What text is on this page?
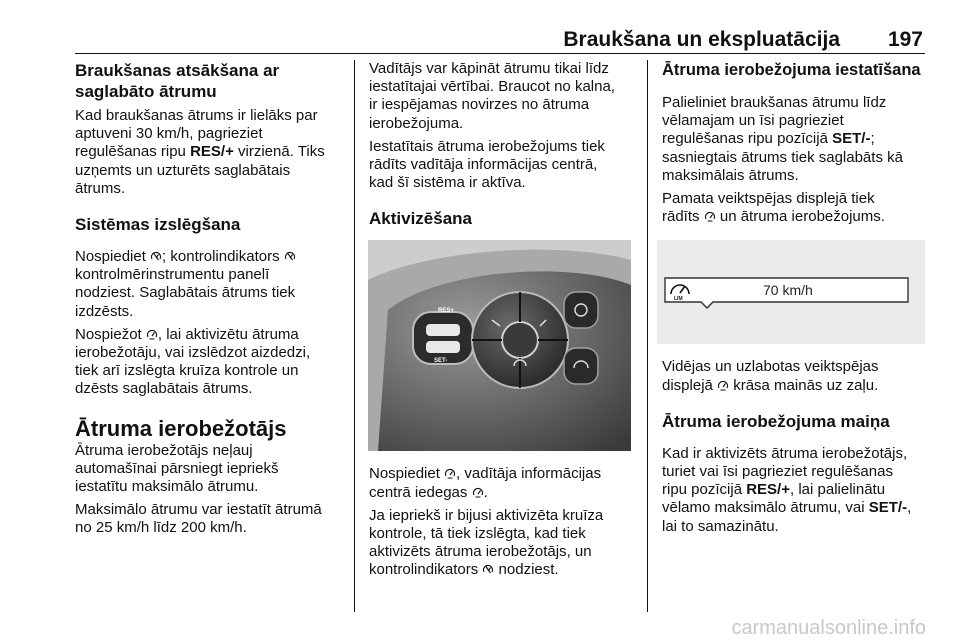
Braukšana un ekspluatācija 197
Braukšanas atsākšana ar
saglabāto ātrumu

Kad braukšanas ātrums ir lielāks par
aptuveni 30 km/h, pagrieziet
regulēšanas ripu RES/+ virzienā. Tiks
uzņemts un uzturēts saglabātais
ātrums.

Sistēmas izslēgšana

Nospiediet ; kontrolindikators
kontrolmērinstrumentu panelī
nodziest. Saglabātais ātrums tiek
izdzēsts.

Nospiežot , lai aktivizētu ātruma
ierobežotāju, vai izslēdzot aizdedzi,
tiek arī izslēgta kruīza kontrole un
dzēsts saglabātais ātrums.

Ātruma ierobežotājs

Ātruma ierobežotājs neļauj
automašīnai pārsniegt iepriekš
iestatītu maksimālo ātrumu.

Maksimālo ātrumu var iestatīt ātrumā
no 25 km/h līdz 200 km/h.

Vadītājs var kāpināt ātrumu tikai līdz
iestatītajai vērtībai. Braucot no kalna,
ir iespējamas novirzes no ātruma
ierobežojuma.

Iestatītais ātruma ierobežojums tiek
rādīts vadītāja informācijas centrā,
kad šī sistēma ir aktīva.

Aktivizēšana
RES+
SET-

Nospiediet , vadītāja informācijas
centrā iedegas .

Ja iepriekš ir bijusi aktivizēta kruīza
kontrole, tā tiek izslēgta, kad tiek
aktivizēts ātruma ierobežotājs, un
kontrolindikators  nodziest.

Ātruma ierobežojuma iestatīšana

Palieliniet braukšanas ātrumu līdz
vēlamajam un īsi pagrieziet
regulēšanas ripu pozīcijā SET/-;
sasniegtais ātrums tiek saglabāts kā
maksimālais ātrums.

Pamata veiktspējas displejā tiek
rādīts  un ātruma ierobežojums.

LIM
70 km/h

Vidējas un uzlabotas veiktspējas
displejā  krāsa mainās uz zaļu.

Ātruma ierobežojuma maiņa

Kad ir aktivizēts ātruma ierobežotājs,
turiet vai īsi pagrieziet regulēšanas
ripu pozīcijā RES/+, lai palielinātu
vēlamo maksimālo ātrumu, vai SET/-,
lai to samazinātu.

carmanualsonline.info
